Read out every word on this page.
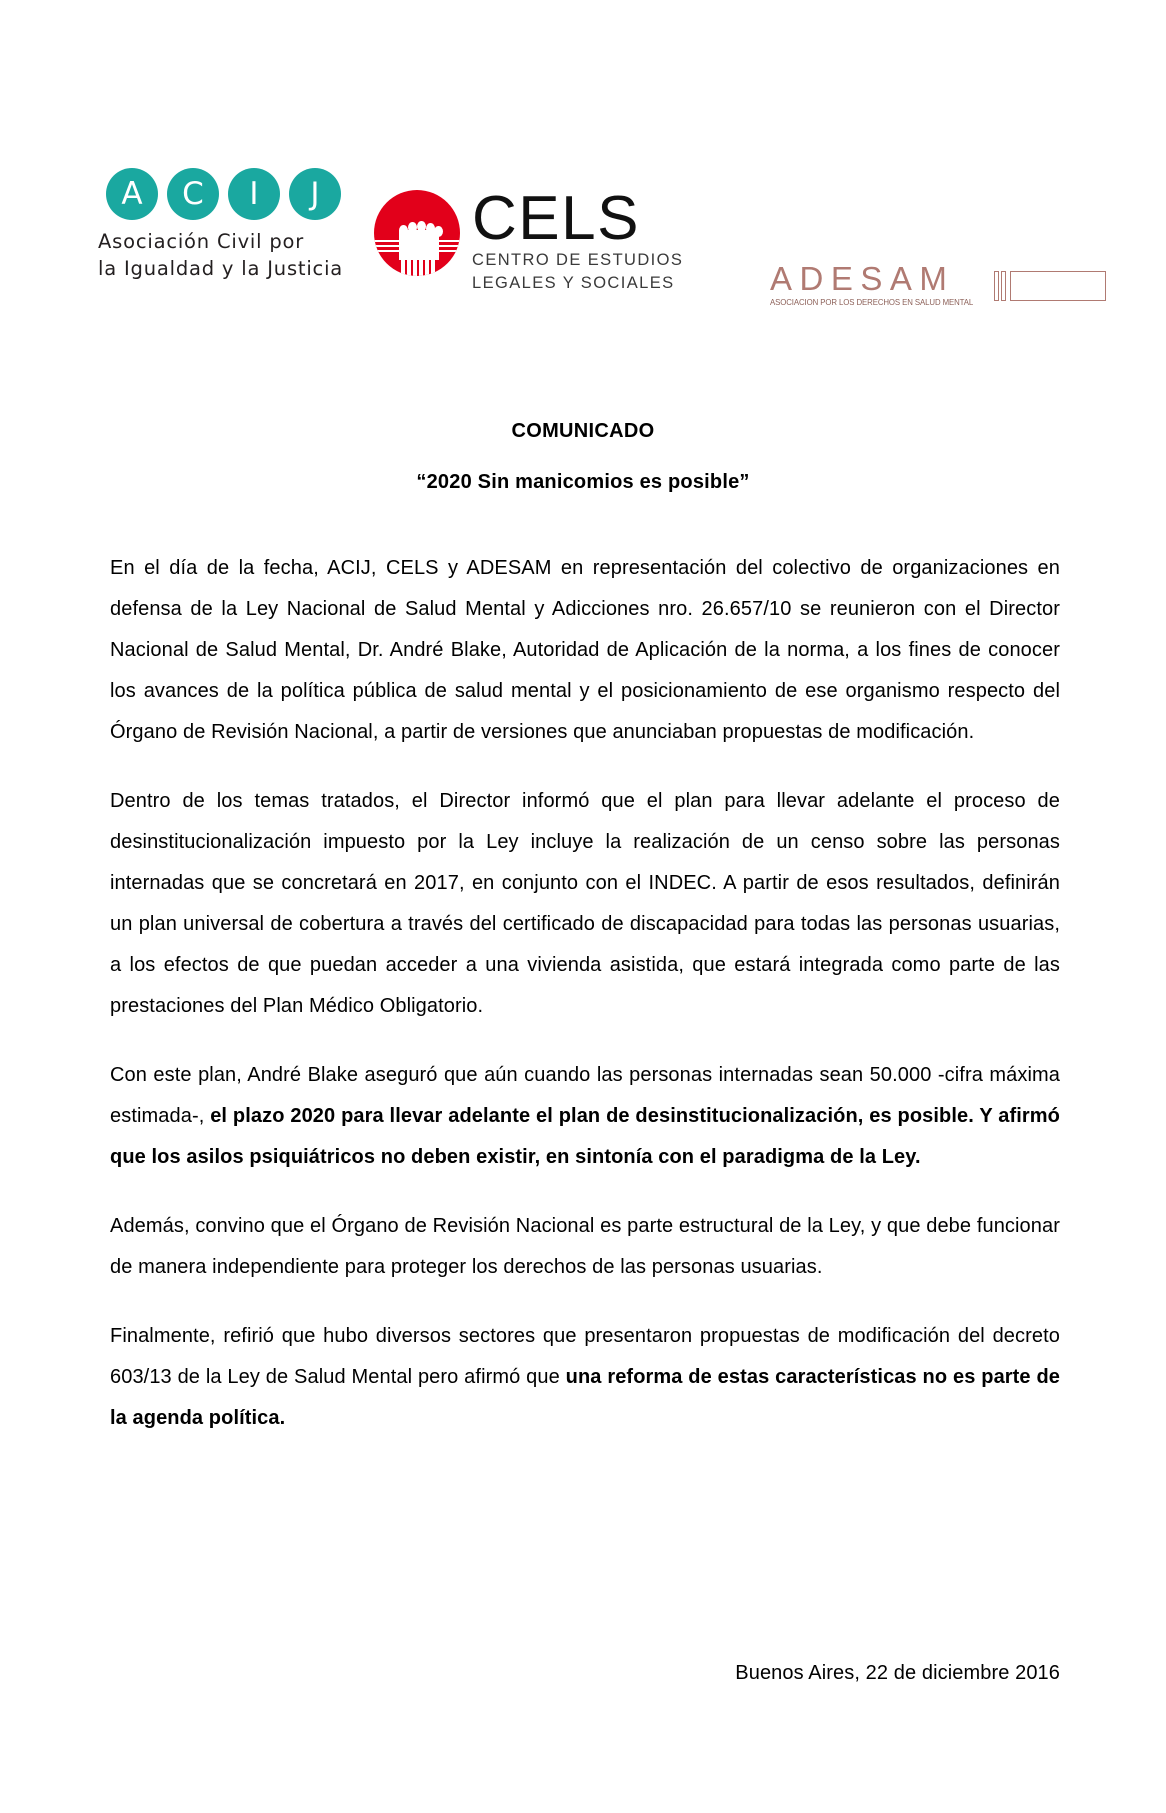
A	C	I	J
Asociación Civil por
la Igualdad y la Justicia
CELS
CENTRO DE ESTUDIOS
LEGALES Y SOCIALES	ADESAM
ASOCIACION POR LOS DERECHOS EN SALUD MENTAL
COMUNICADO
“2020 Sin manicomios es posible”

En el día de la fecha, ACIJ, CELS y ADESAM en representación del colectivo de organizaciones en defensa de la Ley Nacional de Salud Mental y Adicciones nro. 26.657/10 se reunieron con el Director Nacional de Salud Mental, Dr. André Blake, Autoridad de Aplicación de la norma, a los fines de conocer los avances de la política pública de salud mental y el posicionamiento de ese organismo respecto del Órgano de Revisión Nacional, a partir de versiones que anunciaban propuestas de modificación.

Dentro de los temas tratados, el Director informó que el plan para llevar adelante el proceso de desinstitucionalización impuesto por la Ley incluye la realización de un censo sobre las personas internadas que se concretará en 2017, en conjunto con el INDEC. A partir de esos resultados, definirán un plan universal de cobertura a través del certificado de discapacidad para todas las personas usuarias, a los efectos de que puedan acceder a una vivienda asistida, que estará integrada como parte de las prestaciones del Plan Médico Obligatorio.

Con este plan, André Blake aseguró que aún cuando las personas internadas sean 50.000 -cifra máxima estimada-, el plazo 2020 para llevar adelante el plan de desinstitucionalización, es posible. Y afirmó que los asilos psiquiátricos no deben existir, en sintonía con el paradigma de la Ley.

Además, convino que el Órgano de Revisión Nacional es parte estructural de la Ley, y que debe funcionar de manera independiente para proteger los derechos de las personas usuarias.

Finalmente, refirió que hubo diversos sectores que presentaron propuestas de modificación del decreto 603/13 de la Ley de Salud Mental pero afirmó que una reforma de estas características no es parte de la agenda política.

Buenos Aires, 22 de diciembre 2016
